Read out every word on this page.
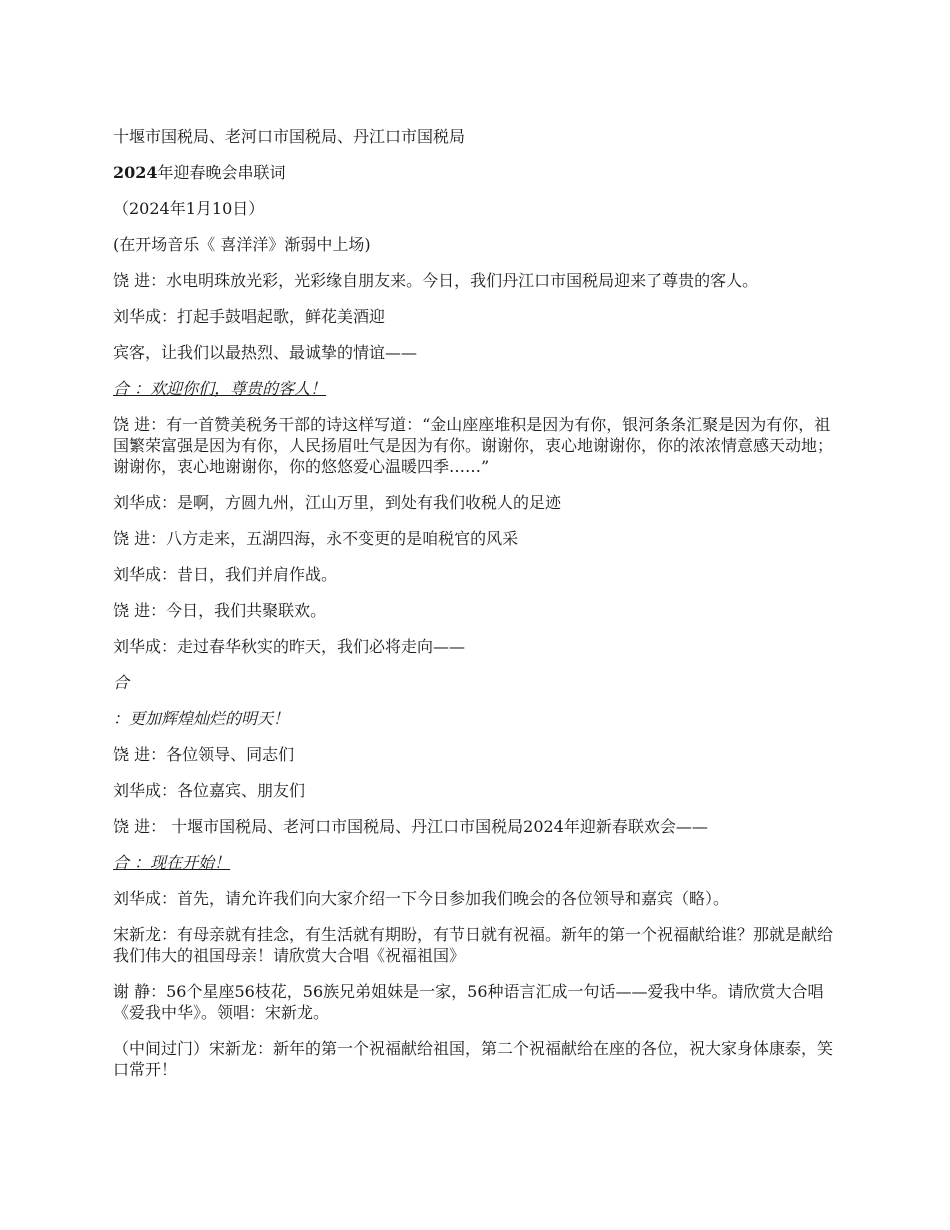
十堰市国税局、老河口市国税局、丹江口市国税局

2024年迎春晚会串联词

（2024年1月10日）

(在开场音乐《 喜洋洋》渐弱中上场)

饶 进：水电明珠放光彩，光彩缘自朋友来。今日，我们丹江口市国税局迎来了尊贵的客人。

刘华成：打起手鼓唱起歌，鲜花美酒迎

宾客，让我们以最热烈、最诚挚的情谊——

合 ：欢迎你们，尊贵的客人！

饶 进：有一首赞美税务干部的诗这样写道：“金山座座堆积是因为有你，银河条条汇聚是因为有你，祖国繁荣富强是因为有你，人民扬眉吐气是因为有你。谢谢你，衷心地谢谢你，你的浓浓情意感天动地；谢谢你，衷心地谢谢你，你的悠悠爱心温暖四季……”

刘华成：是啊，方圆九州，江山万里，到处有我们收税人的足迹

饶 进：八方走来，五湖四海，永不变更的是咱税官的风采

刘华成：昔日，我们并肩作战。

饶 进：今日，我们共聚联欢。

刘华成：走过春华秋实的昨天，我们必将走向——

合

：更加辉煌灿烂的明天！

饶 进：各位领导、同志们

刘华成：各位嘉宾、朋友们

饶 进： 十堰市国税局、老河口市国税局、丹江口市国税局2024年迎新春联欢会——

合 ：现在开始！

刘华成：首先，请允许我们向大家介绍一下今日参加我们晚会的各位领导和嘉宾（略）。

宋新龙：有母亲就有挂念，有生活就有期盼，有节日就有祝福。新年的第一个祝福献给谁？那就是献给我们伟大的祖国母亲！请欣赏大合唱《祝福祖国》

谢 静：56个星座56枝花，56族兄弟姐妹是一家，56种语言汇成一句话——爱我中华。请欣赏大合唱《爱我中华》。领唱：宋新龙。

（中间过门）宋新龙：新年的第一个祝福献给祖国，第二个祝福献给在座的各位，祝大家身体康泰，笑口常开！
